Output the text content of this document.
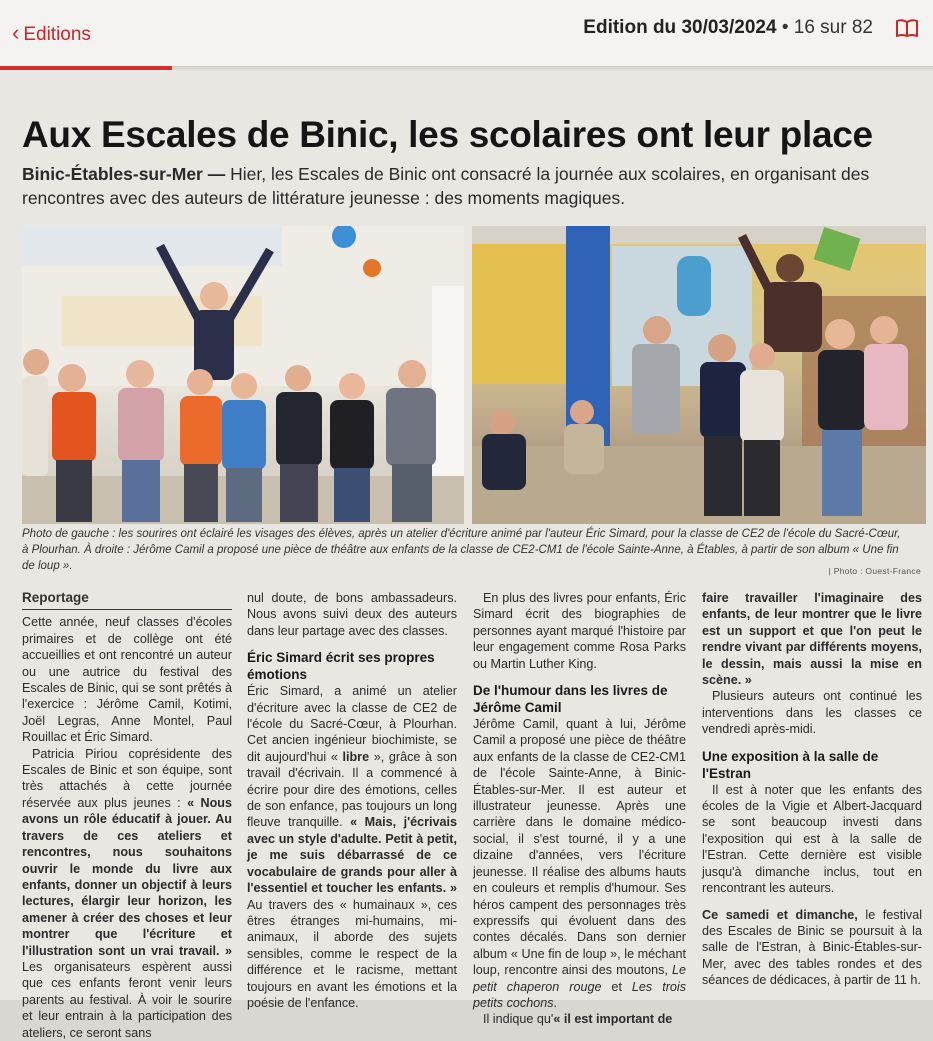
‹ Editions	Edition du 30/03/2024 • 16 sur 82
Aux Escales de Binic, les scolaires ont leur place
Binic-Étables-sur-Mer — Hier, les Escales de Binic ont consacré la journée aux scolaires, en organisant des rencontres avec des auteurs de littérature jeunesse : des moments magiques.
Photo de gauche : les sourires ont éclairé les visages des élèves, après un atelier d'écriture animé par l'auteur Éric Simard, pour la classe de CE2 de l'école du Sacré-Cœur, à Plourhan. À droite : Jérôme Camil a proposé une pièce de théâtre aux enfants de la classe de CE2-CM1 de l'école Sainte-Anne, à Étables, à partir de son album « Une fin de loup ».	| Photo : Ouest-France
Reportage

Cette année, neuf classes d'écoles primaires et de collège ont été accueillies et ont rencontré un auteur ou une autrice du festival des Escales de Binic, qui se sont prêtés à l'exercice : Jérôme Camil, Kotimi, Joël Legras, Anne Montel, Paul Rouillac et Éric Simard.

Patricia Piriou coprésidente des Escales de Binic et son équipe, sont très attachés à cette journée réservée aux plus jeunes : « Nous avons un rôle éducatif à jouer. Au travers de ces ateliers et rencontres, nous souhaitons ouvrir le monde du livre aux enfants, donner un objectif à leurs lectures, élargir leur horizon, les amener à créer des choses et leur montrer que l'écriture et l'illustration sont un vrai travail. » Les organisateurs espèrent aussi que ces enfants feront venir leurs parents au festival. À voir le sourire et leur entrain à la participation des ateliers, ce seront sans

nul doute, de bons ambassadeurs. Nous avons suivi deux des auteurs dans leur partage avec des classes.

Éric Simard écrit ses propres émotions

Éric Simard, a animé un atelier d'écriture avec la classe de CE2 de l'école du Sacré-Cœur, à Plourhan. Cet ancien ingénieur biochimiste, se dit aujourd'hui « libre », grâce à son travail d'écrivain. Il a commencé à écrire pour dire des émotions, celles de son enfance, pas toujours un long fleuve tranquille. « Mais, j'écrivais avec un style d'adulte. Petit à petit, je me suis débarrassé de ce vocabulaire de grands pour aller à l'essentiel et toucher les enfants. » Au travers des « humainaux », ces êtres étranges mi-humains, mi-animaux, il aborde des sujets sensibles, comme le respect de la différence et le racisme, mettant toujours en avant les émotions et la poésie de l'enfance.

En plus des livres pour enfants, Éric Simard écrit des biographies de personnes ayant marqué l'histoire par leur engagement comme Rosa Parks ou Martin Luther King.

De l'humour dans les livres de Jérôme Camil

Jérôme Camil, quant à lui, Jérôme Camil a proposé une pièce de théâtre aux enfants de la classe de CE2-CM1 de l'école Sainte-Anne, à Binic-Étables-sur-Mer. Il est auteur et illustrateur jeunesse. Après une carrière dans le domaine médico-social, il s'est tourné, il y a une dizaine d'années, vers l'écriture jeunesse. Il réalise des albums hauts en couleurs et remplis d'humour. Ses héros campent des personnages très expressifs qui évoluent dans des contes décalés. Dans son dernier album « Une fin de loup », le méchant loup, rencontre ainsi des moutons, Le petit chaperon rouge et Les trois petits cochons.

Il indique qu'« il est important de

faire travailler l'imaginaire des enfants, de leur montrer que le livre est un support et que l'on peut le rendre vivant par différents moyens, le dessin, mais aussi la mise en scène. »

Plusieurs auteurs ont continué les interventions dans les classes ce vendredi après-midi.

Une exposition à la salle de l'Estran

Il est à noter que les enfants des écoles de la Vigie et Albert-Jacquard se sont beaucoup investi dans l'exposition qui est à la salle de l'Estran. Cette dernière est visible jusqu'à dimanche inclus, tout en rencontrant les auteurs.

Ce samedi et dimanche, le festival des Escales de Binic se poursuit à la salle de l'Estran, à Binic-Étables-sur-Mer, avec des tables rondes et des séances de dédicaces, à partir de 11 h.
